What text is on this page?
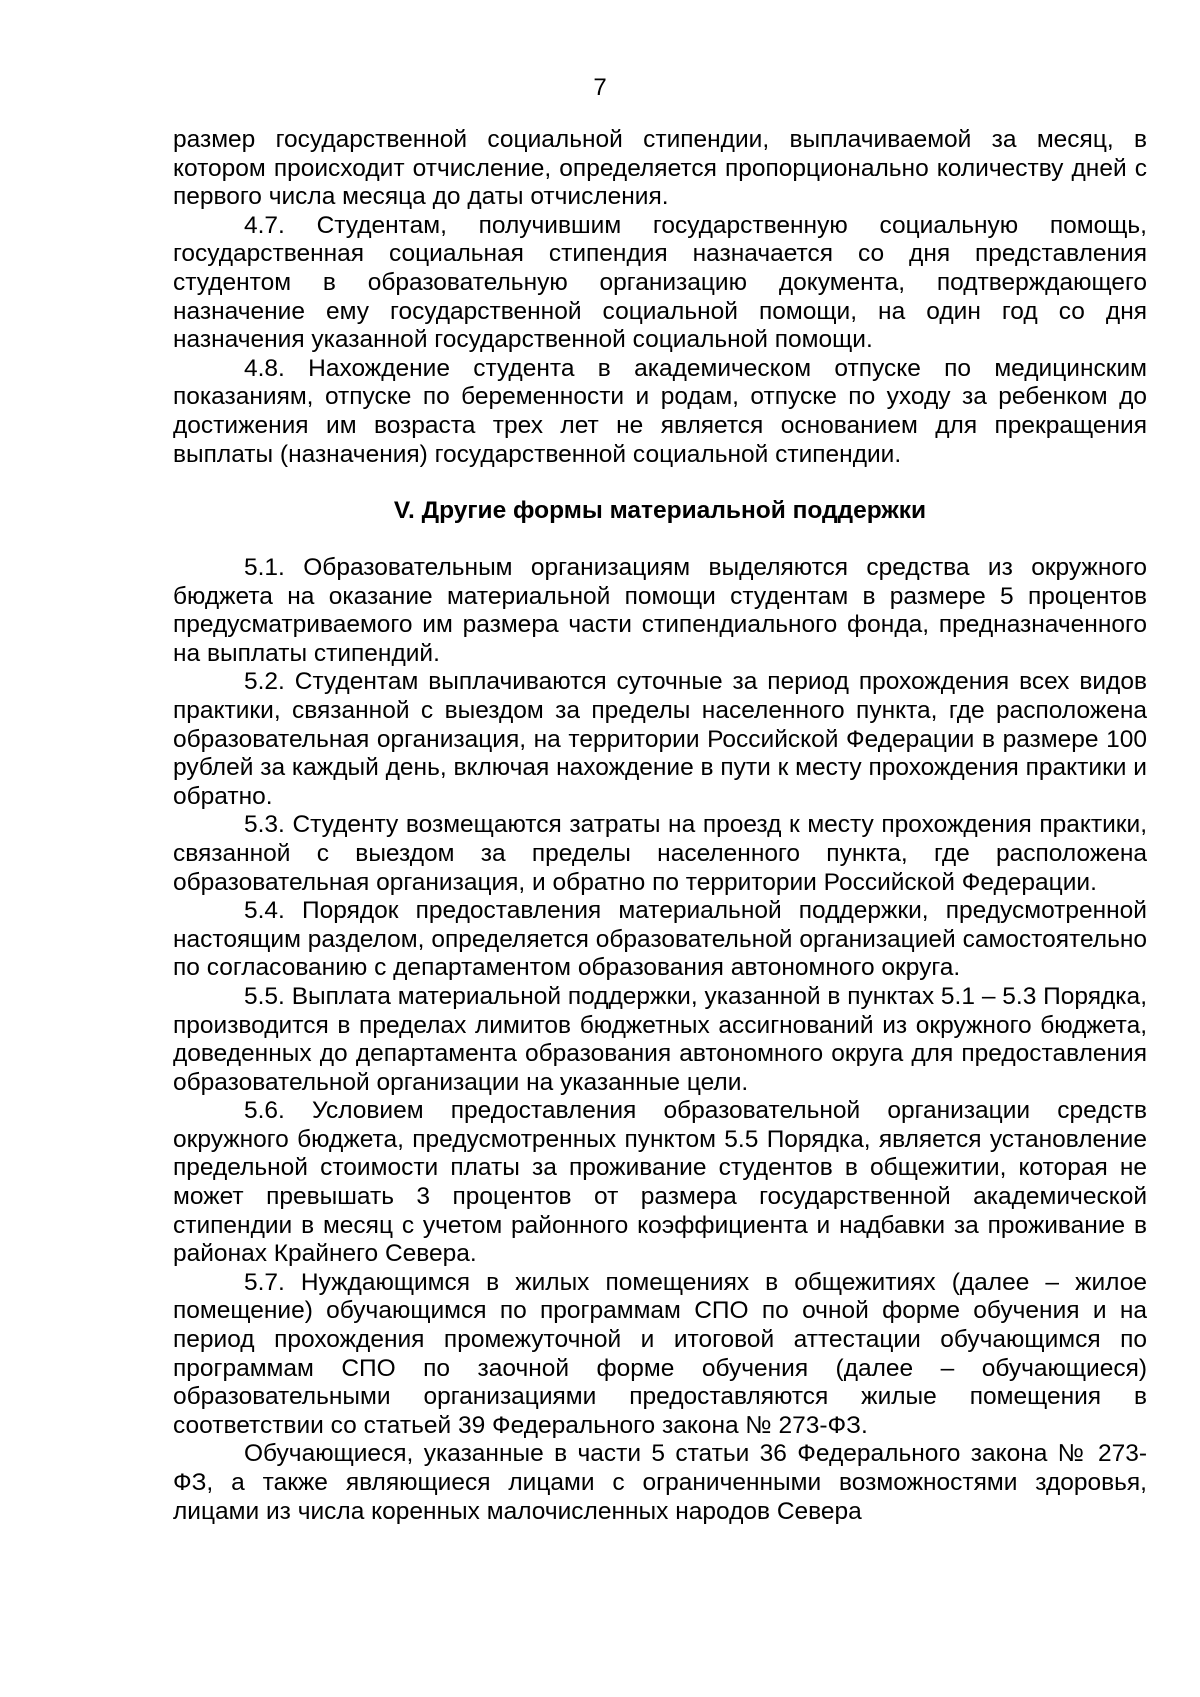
7

размер государственной социальной стипендии, выплачиваемой за месяц, в котором происходит отчисление, определяется пропорционально количеству дней с первого числа месяца до даты отчисления.

4.7. Студентам, получившим государственную социальную помощь, государственная социальная стипендия назначается со дня представления студентом в образовательную организацию документа, подтверждающего назначение ему государственной социальной помощи, на один год со дня назначения указанной государственной социальной помощи.

4.8. Нахождение студента в академическом отпуске по медицинским показаниям, отпуске по беременности и родам, отпуске по уходу за ребенком до достижения им возраста трех лет не является основанием для прекращения выплаты (назначения) государственной социальной стипендии.

V. Другие формы материальной поддержки

5.1. Образовательным организациям выделяются средства из окружного бюджета на оказание материальной помощи студентам в размере 5 процентов предусматриваемого им размера части стипендиального фонда, предназначенного на выплаты стипендий.

5.2. Студентам выплачиваются суточные за период прохождения всех видов практики, связанной с выездом за пределы населенного пункта, где расположена образовательная организация, на территории Российской Федерации в размере 100 рублей за каждый день, включая нахождение в пути к месту прохождения практики и обратно.

5.3. Студенту возмещаются затраты на проезд к месту прохождения практики, связанной с выездом за пределы населенного пункта, где расположена образовательная организация, и обратно по территории Российской Федерации.

5.4. Порядок предоставления материальной поддержки, предусмотренной настоящим разделом, определяется образовательной организацией самостоятельно по согласованию с департаментом образования автономного округа.

5.5. Выплата материальной поддержки, указанной в пунктах 5.1 – 5.3 Порядка, производится в пределах лимитов бюджетных ассигнований из окружного бюджета, доведенных до департамента образования автономного округа для предоставления образовательной организации на указанные цели.

5.6. Условием предоставления образовательной организации средств окружного бюджета, предусмотренных пунктом 5.5 Порядка, является установление предельной стоимости платы за проживание студентов в общежитии, которая не может превышать 3 процентов от размера государственной академической стипендии в месяц с учетом районного коэффициента и надбавки за проживание в районах Крайнего Севера.

5.7. Нуждающимся в жилых помещениях в общежитиях (далее – жилое помещение) обучающимся по программам СПО по очной форме обучения и на период прохождения промежуточной и итоговой аттестации обучающимся по программам СПО по заочной форме обучения (далее – обучающиеся) образовательными организациями предоставляются жилые помещения в соответствии со статьей 39 Федерального закона № 273-ФЗ.

Обучающиеся, указанные в части 5 статьи 36 Федерального закона № 273-ФЗ, а также являющиеся лицами с ограниченными возможностями здоровья, лицами из числа коренных малочисленных народов Севера
